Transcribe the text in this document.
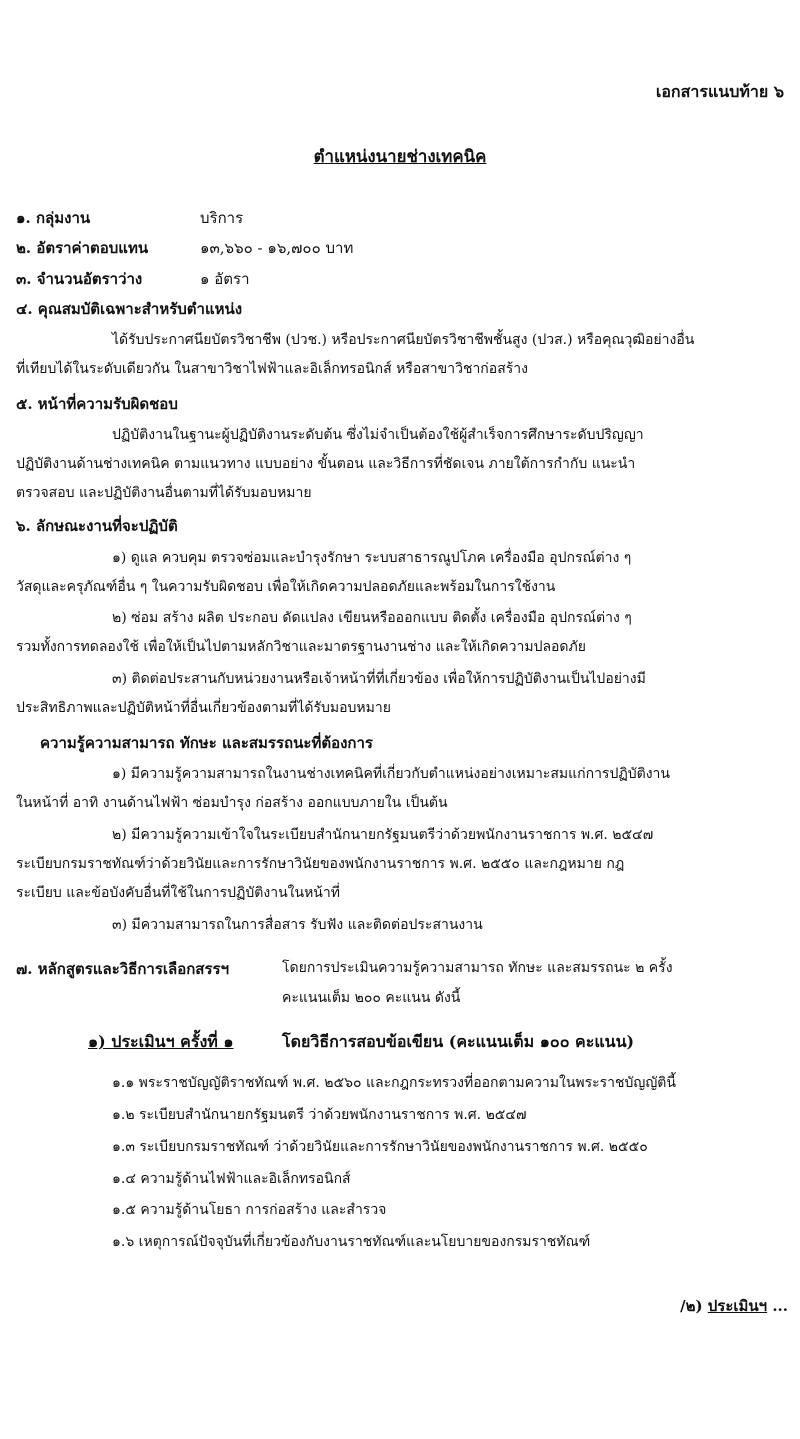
เอกสารแนบท้าย ๖
ตำแหน่งนายช่างเทคนิค
๑. กลุ่มงาน	บริการ
๒. อัตราค่าตอบแทน	๑๓,๖๖๐ - ๑๖,๗๐๐ บาท
๓. จำนวนอัตราว่าง	๑ อัตรา
๔. คุณสมบัติเฉพาะสำหรับตำแหน่ง
ได้รับประกาศนียบัตรวิชาชีพ (ปวช.) หรือประกาศนียบัตรวิชาชีพชั้นสูง (ปวส.) หรือคุณวุฒิอย่างอื่น
ที่เทียบได้ในระดับเดียวกัน ในสาขาวิชาไฟฟ้าและอิเล็กทรอนิกส์ หรือสาขาวิชาก่อสร้าง
๕. หน้าที่ความรับผิดชอบ
ปฏิบัติงานในฐานะผู้ปฏิบัติงานระดับต้น ซึ่งไม่จำเป็นต้องใช้ผู้สำเร็จการศึกษาระดับปริญญา
ปฏิบัติงานด้านช่างเทคนิค ตามแนวทาง แบบอย่าง ขั้นตอน และวิธีการที่ชัดเจน ภายใต้การกำกับ แนะนำ
ตรวจสอบ และปฏิบัติงานอื่นตามที่ได้รับมอบหมาย
๖. ลักษณะงานที่จะปฏิบัติ
๑) ดูแล ควบคุม ตรวจซ่อมและบำรุงรักษา ระบบสาธารณูปโภค เครื่องมือ อุปกรณ์ต่าง ๆ
วัสดุและครุภัณฑ์อื่น ๆ ในความรับผิดชอบ เพื่อให้เกิดความปลอดภัยและพร้อมในการใช้งาน
๒) ซ่อม สร้าง ผลิต ประกอบ ดัดแปลง เขียนหรือออกแบบ ติดตั้ง เครื่องมือ อุปกรณ์ต่าง ๆ
รวมทั้งการทดลองใช้ เพื่อให้เป็นไปตามหลักวิชาและมาตรฐานงานช่าง และให้เกิดความปลอดภัย
๓) ติดต่อประสานกับหน่วยงานหรือเจ้าหน้าที่ที่เกี่ยวข้อง เพื่อให้การปฏิบัติงานเป็นไปอย่างมี
ประสิทธิภาพและปฏิบัติหน้าที่อื่นเกี่ยวข้องตามที่ได้รับมอบหมาย
ความรู้ความสามารถ ทักษะ และสมรรถนะที่ต้องการ
๑) มีความรู้ความสามารถในงานช่างเทคนิคที่เกี่ยวกับตำแหน่งอย่างเหมาะสมแก่การปฏิบัติงาน
ในหน้าที่ อาทิ งานด้านไฟฟ้า ซ่อมบำรุง ก่อสร้าง ออกแบบภายใน เป็นต้น
๒) มีความรู้ความเข้าใจในระเบียบสำนักนายกรัฐมนตรีว่าด้วยพนักงานราชการ พ.ศ. ๒๕๔๗
ระเบียบกรมราชทัณฑ์ว่าด้วยวินัยและการรักษาวินัยของพนักงานราชการ พ.ศ. ๒๕๕๐ และกฎหมาย กฎ
ระเบียบ และข้อบังคับอื่นที่ใช้ในการปฏิบัติงานในหน้าที่
๓) มีความสามารถในการสื่อสาร รับฟัง และติดต่อประสานงาน
๗. หลักสูตรและวิธีการเลือกสรรฯ	โดยการประเมินความรู้ความสามารถ ทักษะ และสมรรถนะ ๒ ครั้ง
คะแนนเต็ม ๒๐๐ คะแนน ดังนี้
๑) ประเมินฯ ครั้งที่ ๑	โดยวิธีการสอบข้อเขียน (คะแนนเต็ม ๑๐๐ คะแนน)
๑.๑ พระราชบัญญัติราชทัณฑ์ พ.ศ. ๒๕๖๐ และกฎกระทรวงที่ออกตามความในพระราชบัญญัตินี้
๑.๒ ระเบียบสำนักนายกรัฐมนตรี ว่าด้วยพนักงานราชการ พ.ศ. ๒๕๔๗
๑.๓ ระเบียบกรมราชทัณฑ์ ว่าด้วยวินัยและการรักษาวินัยของพนักงานราชการ พ.ศ. ๒๕๕๐
๑.๔ ความรู้ด้านไฟฟ้าและอิเล็กทรอนิกส์
๑.๕ ความรู้ด้านโยธา การก่อสร้าง และสำรวจ
๑.๖ เหตุการณ์ปัจจุบันที่เกี่ยวข้องกับงานราชทัณฑ์และนโยบายของกรมราชทัณฑ์
/๒) ประเมินฯ ...
